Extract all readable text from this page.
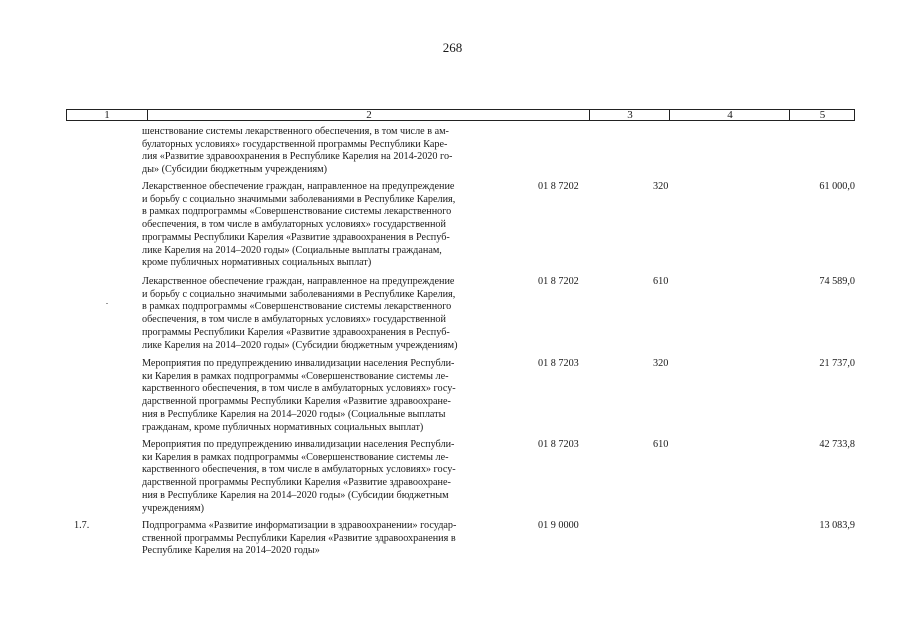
268
1	2	3	4	5
шенствование системы лекарственного обеспечения, в том числе в ам-
булаторных условиях» государственной программы Республики Каре-
лия «Развитие здравоохранения в Республике Карелия на 2014-2020 го-
ды» (Субсидии бюджетным учреждениям)
Лекарственное обеспечение граждан, направленное на предупреждение
и борьбу с социально значимыми заболеваниями в Республике Карелия,
в рамках подпрограммы «Совершенствование системы лекарственного
обеспечения, в том числе в амбулаторных условиях» государственной
программы Республики Карелия «Развитие здравоохранения в Респуб-
лике Карелия на 2014–2020 годы» (Социальные выплаты гражданам,
кроме публичных нормативных социальных выплат)
01 8 7202	320	61 000,0
Лекарственное обеспечение граждан, направленное на предупреждение
и борьбу с социально значимыми заболеваниями в Республике Карелия,
в рамках подпрограммы «Совершенствование системы лекарственного
обеспечения, в том числе в амбулаторных условиях» государственной
программы Республики Карелия «Развитие здравоохранения в Респуб-
лике Карелия на 2014–2020 годы» (Субсидии бюджетным учреждениям)
01 8 7202	610	74 589,0
Мероприятия по предупреждению инвалидизации населения Республи-
ки Карелия в рамках подпрограммы «Совершенствование системы ле-
карственного обеспечения, в том числе в амбулаторных условиях» госу-
дарственной программы Республики Карелия «Развитие здравоохране-
ния в Республике Карелия на 2014–2020 годы» (Социальные выплаты
гражданам, кроме публичных нормативных социальных выплат)
01 8 7203	320	21 737,0
Мероприятия по предупреждению инвалидизации населения Республи-
ки Карелия в рамках подпрограммы «Совершенствование системы ле-
карственного обеспечения, в том числе в амбулаторных условиях» госу-
дарственной программы Республики Карелия «Развитие здравоохране-
ния в Республике Карелия на 2014–2020 годы» (Субсидии бюджетным
учреждениям)
01 8 7203	610	42 733,8
1.7.	Подпрограмма «Развитие информатизации в здравоохранении» государ-
ственной программы Республики Карелия «Развитие здравоохранения в
Республике Карелия на 2014–2020 годы»
01 9 0000	13 083,9
